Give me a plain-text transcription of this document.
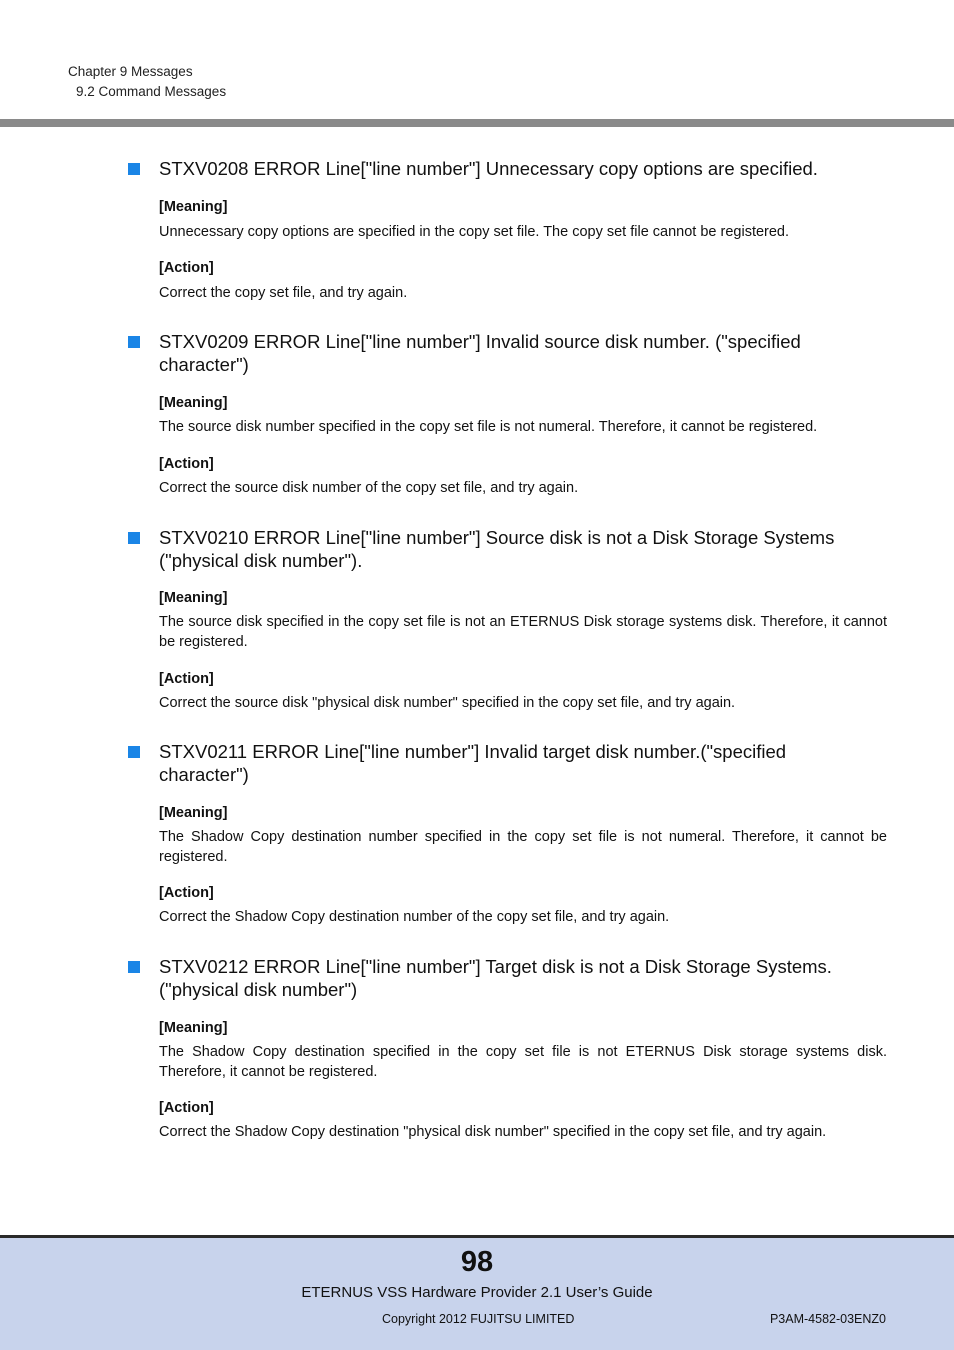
Chapter 9 Messages
9.2 Command Messages
STXV0208 ERROR Line["line number"] Unnecessary copy options are specified.
[Meaning]
Unnecessary copy options are specified in the copy set file. The copy set file cannot be registered.
[Action]
Correct the copy set file, and try again.
STXV0209 ERROR Line["line number"] Invalid source disk number. ("specified character")
[Meaning]
The source disk number specified in the copy set file is not numeral. Therefore, it cannot be registered.
[Action]
Correct the source disk number of the copy set file, and try again.
STXV0210 ERROR Line["line number"] Source disk is not a Disk Storage Systems ("physical disk number").
[Meaning]
The source disk specified in the copy set file is not an ETERNUS Disk storage systems disk. Therefore, it cannot be registered.
[Action]
Correct the source disk "physical disk number" specified in the copy set file, and try again.
STXV0211 ERROR Line["line number"] Invalid target disk number.("specified character")
[Meaning]
The Shadow Copy destination number specified in the copy set file is not numeral. Therefore, it cannot be registered.
[Action]
Correct the Shadow Copy destination number of the copy set file, and try again.
STXV0212 ERROR Line["line number"] Target disk is not a Disk Storage Systems. ("physical disk number")
[Meaning]
The Shadow Copy destination specified in the copy set file is not ETERNUS Disk storage systems disk. Therefore, it cannot be registered.
[Action]
Correct the Shadow Copy destination "physical disk number" specified in the copy set file, and try again.
98
ETERNUS VSS Hardware Provider 2.1 User’s Guide
Copyright 2012 FUJITSU LIMITED	P3AM-4582-03ENZ0
